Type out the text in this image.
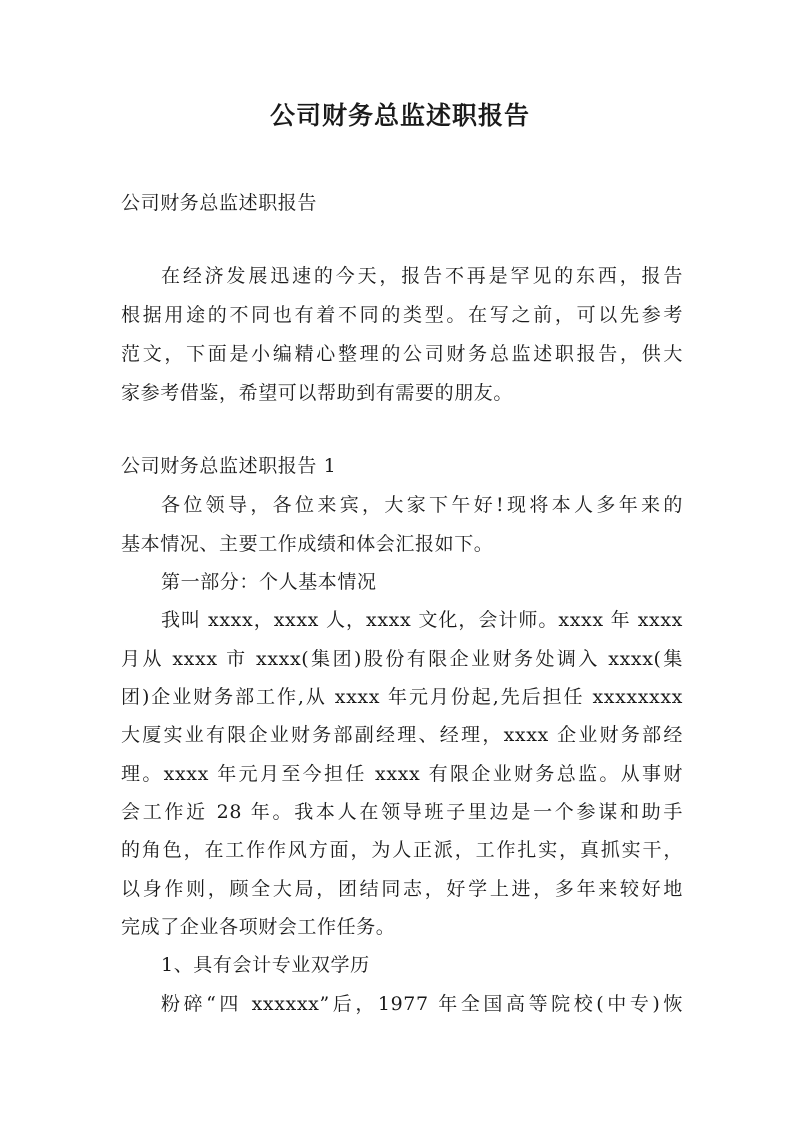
公司财务总监述职报告
公司财务总监述职报告
在经济发展迅速的今天，报告不再是罕见的东西，报告
根据用途的不同也有着不同的类型。在写之前，可以先参考
范文，下面是小编精心整理的公司财务总监述职报告，供大
家参考借鉴，希望可以帮助到有需要的朋友。
公司财务总监述职报告 1
各位领导，各位来宾，大家下午好!现将本人多年来的
基本情况、主要工作成绩和体会汇报如下。
第一部分：个人基本情况
我叫 xxxx，xxxx 人，xxxx 文化，会计师。xxxx 年 xxxx
月从 xxxx 市 xxxx(集团)股份有限企业财务处调入 xxxx(集
团)企业财务部工作,从 xxxx 年元月份起,先后担任 xxxxxxxx
大厦实业有限企业财务部副经理、经理，xxxx 企业财务部经
理。xxxx 年元月至今担任 xxxx 有限企业财务总监。从事财
会工作近 28 年。我本人在领导班子里边是一个参谋和助手
的角色，在工作作风方面，为人正派，工作扎实，真抓实干，
以身作则，顾全大局，团结同志，好学上进，多年来较好地
完成了企业各项财会工作任务。
1、具有会计专业双学历
粉碎“四 xxxxxx”后，1977 年全国高等院校(中专)恢
